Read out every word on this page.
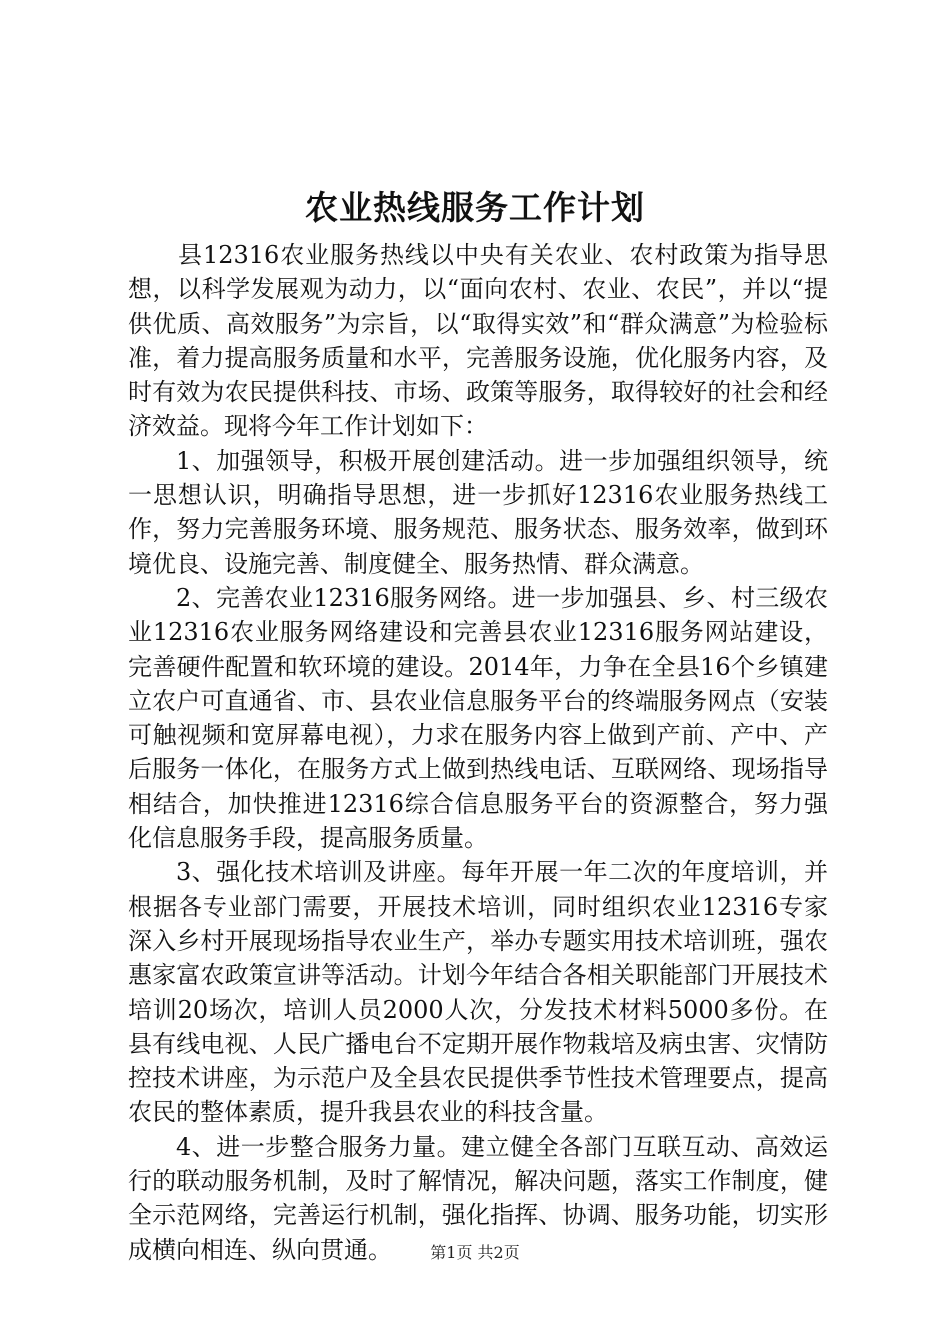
农业热线服务工作计划

县12316农业服务热线以中央有关农业、农村政策为指导思想，以科学发展观为动力，以“面向农村、农业、农民”，并以“提供优质、高效服务”为宗旨，以“取得实效”和“群众满意”为检验标准，着力提高服务质量和水平，完善服务设施，优化服务内容，及时有效为农民提供科技、市场、政策等服务，取得较好的社会和经济效益。现将今年工作计划如下：

1、加强领导，积极开展创建活动。进一步加强组织领导，统一思想认识，明确指导思想，进一步抓好12316农业服务热线工作，努力完善服务环境、服务规范、服务状态、服务效率，做到环境优良、设施完善、制度健全、服务热情、群众满意。

2、完善农业12316服务网络。进一步加强县、乡、村三级农业12316农业服务网络建设和完善县农业12316服务网站建设，完善硬件配置和软环境的建设。2014年，力争在全县16个乡镇建立农户可直通省、市、县农业信息服务平台的终端服务网点（安装可触视频和宽屏幕电视），力求在服务内容上做到产前、产中、产后服务一体化，在服务方式上做到热线电话、互联网络、现场指导相结合，加快推进12316综合信息服务平台的资源整合，努力强化信息服务手段，提高服务质量。

3、强化技术培训及讲座。每年开展一年二次的年度培训，并根据各专业部门需要，开展技术培训，同时组织农业12316专家深入乡村开展现场指导农业生产，举办专题实用技术培训班，强农惠家富农政策宣讲等活动。计划今年结合各相关职能部门开展技术培训20场次，培训人员2000人次，分发技术材料5000多份。在县有线电视、人民广播电台不定期开展作物栽培及病虫害、灾情防控技术讲座，为示范户及全县农民提供季节性技术管理要点，提高农民的整体素质，提升我县农业的科技含量。

4、进一步整合服务力量。建立健全各部门互联互动、高效运行的联动服务机制，及时了解情况，解决问题，落实工作制度，健全示范网络，完善运行机制，强化指挥、协调、服务功能，切实形成横向相连、纵向贯通。	第1页 共2页
